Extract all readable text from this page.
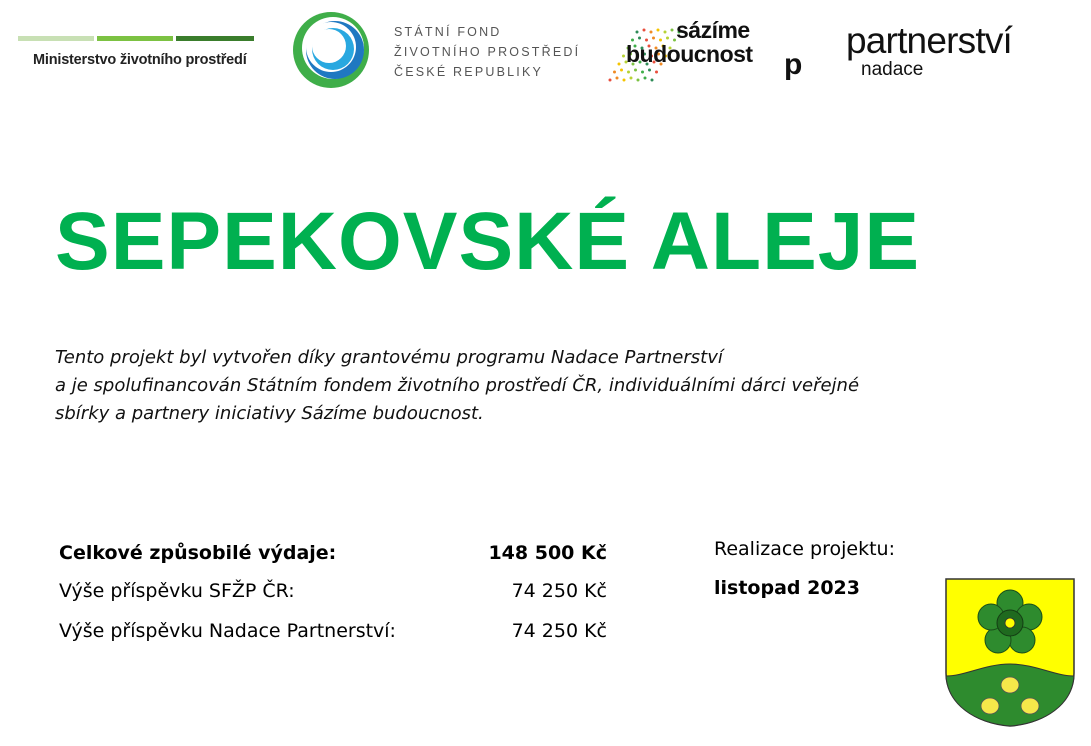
Ministerstvo životního prostředí
STÁTNÍ FOND
ŽIVOTNÍHO PROSTŘEDÍ
ČESKÉ REPUBLIKY
sázíme
budoucnost p
partnerství
nadace
SEPEKOVSKÉ ALEJE
Tento projekt byl vytvořen díky grantovému programu Nadace Partnerství
a je spolufinancován Státním fondem životního prostředí ČR, individuálními dárci veřejné
sbírky a partnery iniciativy Sázíme budoucnost.
Celkové způsobilé výdaje:	148 500 Kč
Výše příspěvku SFŽP ČR:	74 250 Kč
Výše příspěvku Nadace Partnerství:	74 250 Kč
Realizace projektu:
listopad 2023
